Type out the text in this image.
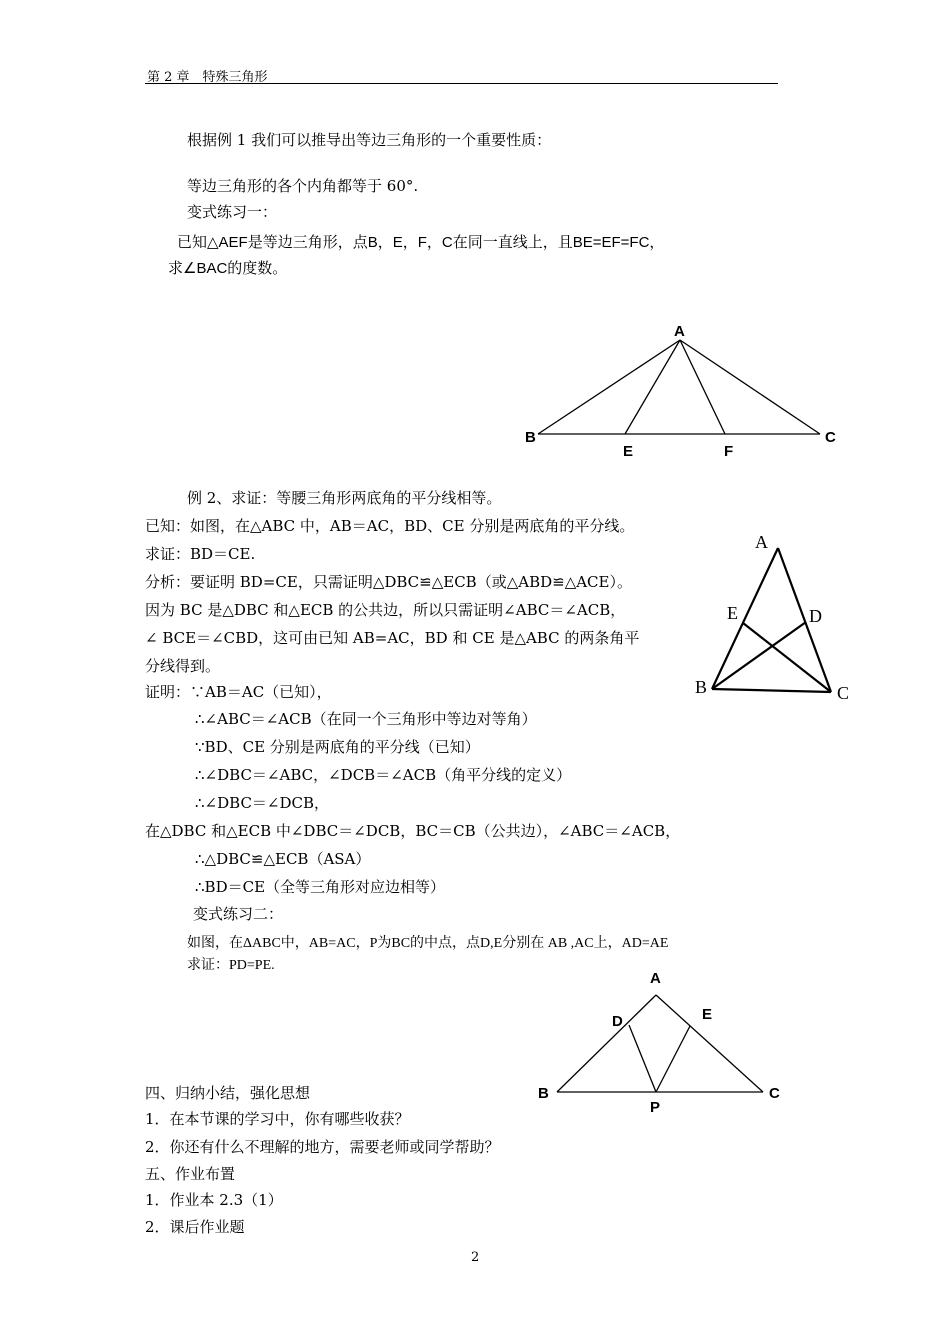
第 2 章　特殊三角形
根据例 1 我们可以推导出等边三角形的一个重要性质：
等边三角形的各个内角都等于 60°.
变式练习一：
已知△AEF是等边三角形，点B，E，F，C在同一直线上，且BE=EF=FC，
求∠BAC的度数。
A
B
E	F
C
例 2、求证：等腰三角形两底角的平分线相等。
已知：如图，在△ABC 中，AB＝AC，BD、CE 分别是两底角的平分线。
求证：BD＝CE.
分析：要证明 BD=CE，只需证明△DBC≌△ECB（或△ABD≌△ACE）。
因为 BC 是△DBC 和△ECB 的公共边，所以只需证明∠ABC＝∠ACB，
∠ BCE＝∠CBD，这可由已知 AB=AC，BD 和 CE 是△ABC 的两条角平
分线得到。
证明：∵AB＝AC（已知），
∴∠ABC＝∠ACB（在同一个三角形中等边对等角）
∵BD、CE 分别是两底角的平分线（已知）
∴∠DBC＝∠ABC，∠DCB＝∠ACB（角平分线的定义）
∴∠DBC＝∠DCB，
在△DBC 和△ECB 中∠DBC＝∠DCB，BC＝CB（公共边），∠ABC＝∠ACB，
∴△DBC≌△ECB（ASA）
∴BD＝CE（全等三角形对应边相等）
A
E	D
B	C
变式练习二：
如图，在ΔABC中，AB=AC，P为BC的中点，点D,E分别在 AB ,AC上，AD=AE
求证：PD=PE.
A
D	E
B
P
C
四、归纳小结，强化思想
1．在本节课的学习中，你有哪些收获？
2．你还有什么不理解的地方，需要老师或同学帮助？
五、作业布置
1．作业本 2.3（1）
2．课后作业题
2
